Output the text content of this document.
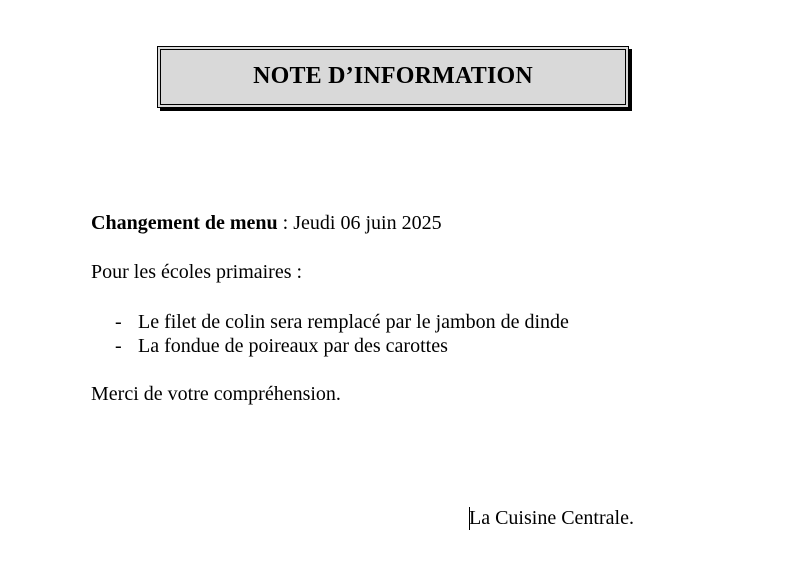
NOTE D’INFORMATION
Changement de menu : Jeudi 06 juin 2025
Pour les écoles primaires :
- Le filet de colin sera remplacé par le jambon de dinde
- La fondue de poireaux par des carottes
Merci de votre compréhension.
La Cuisine Centrale.
